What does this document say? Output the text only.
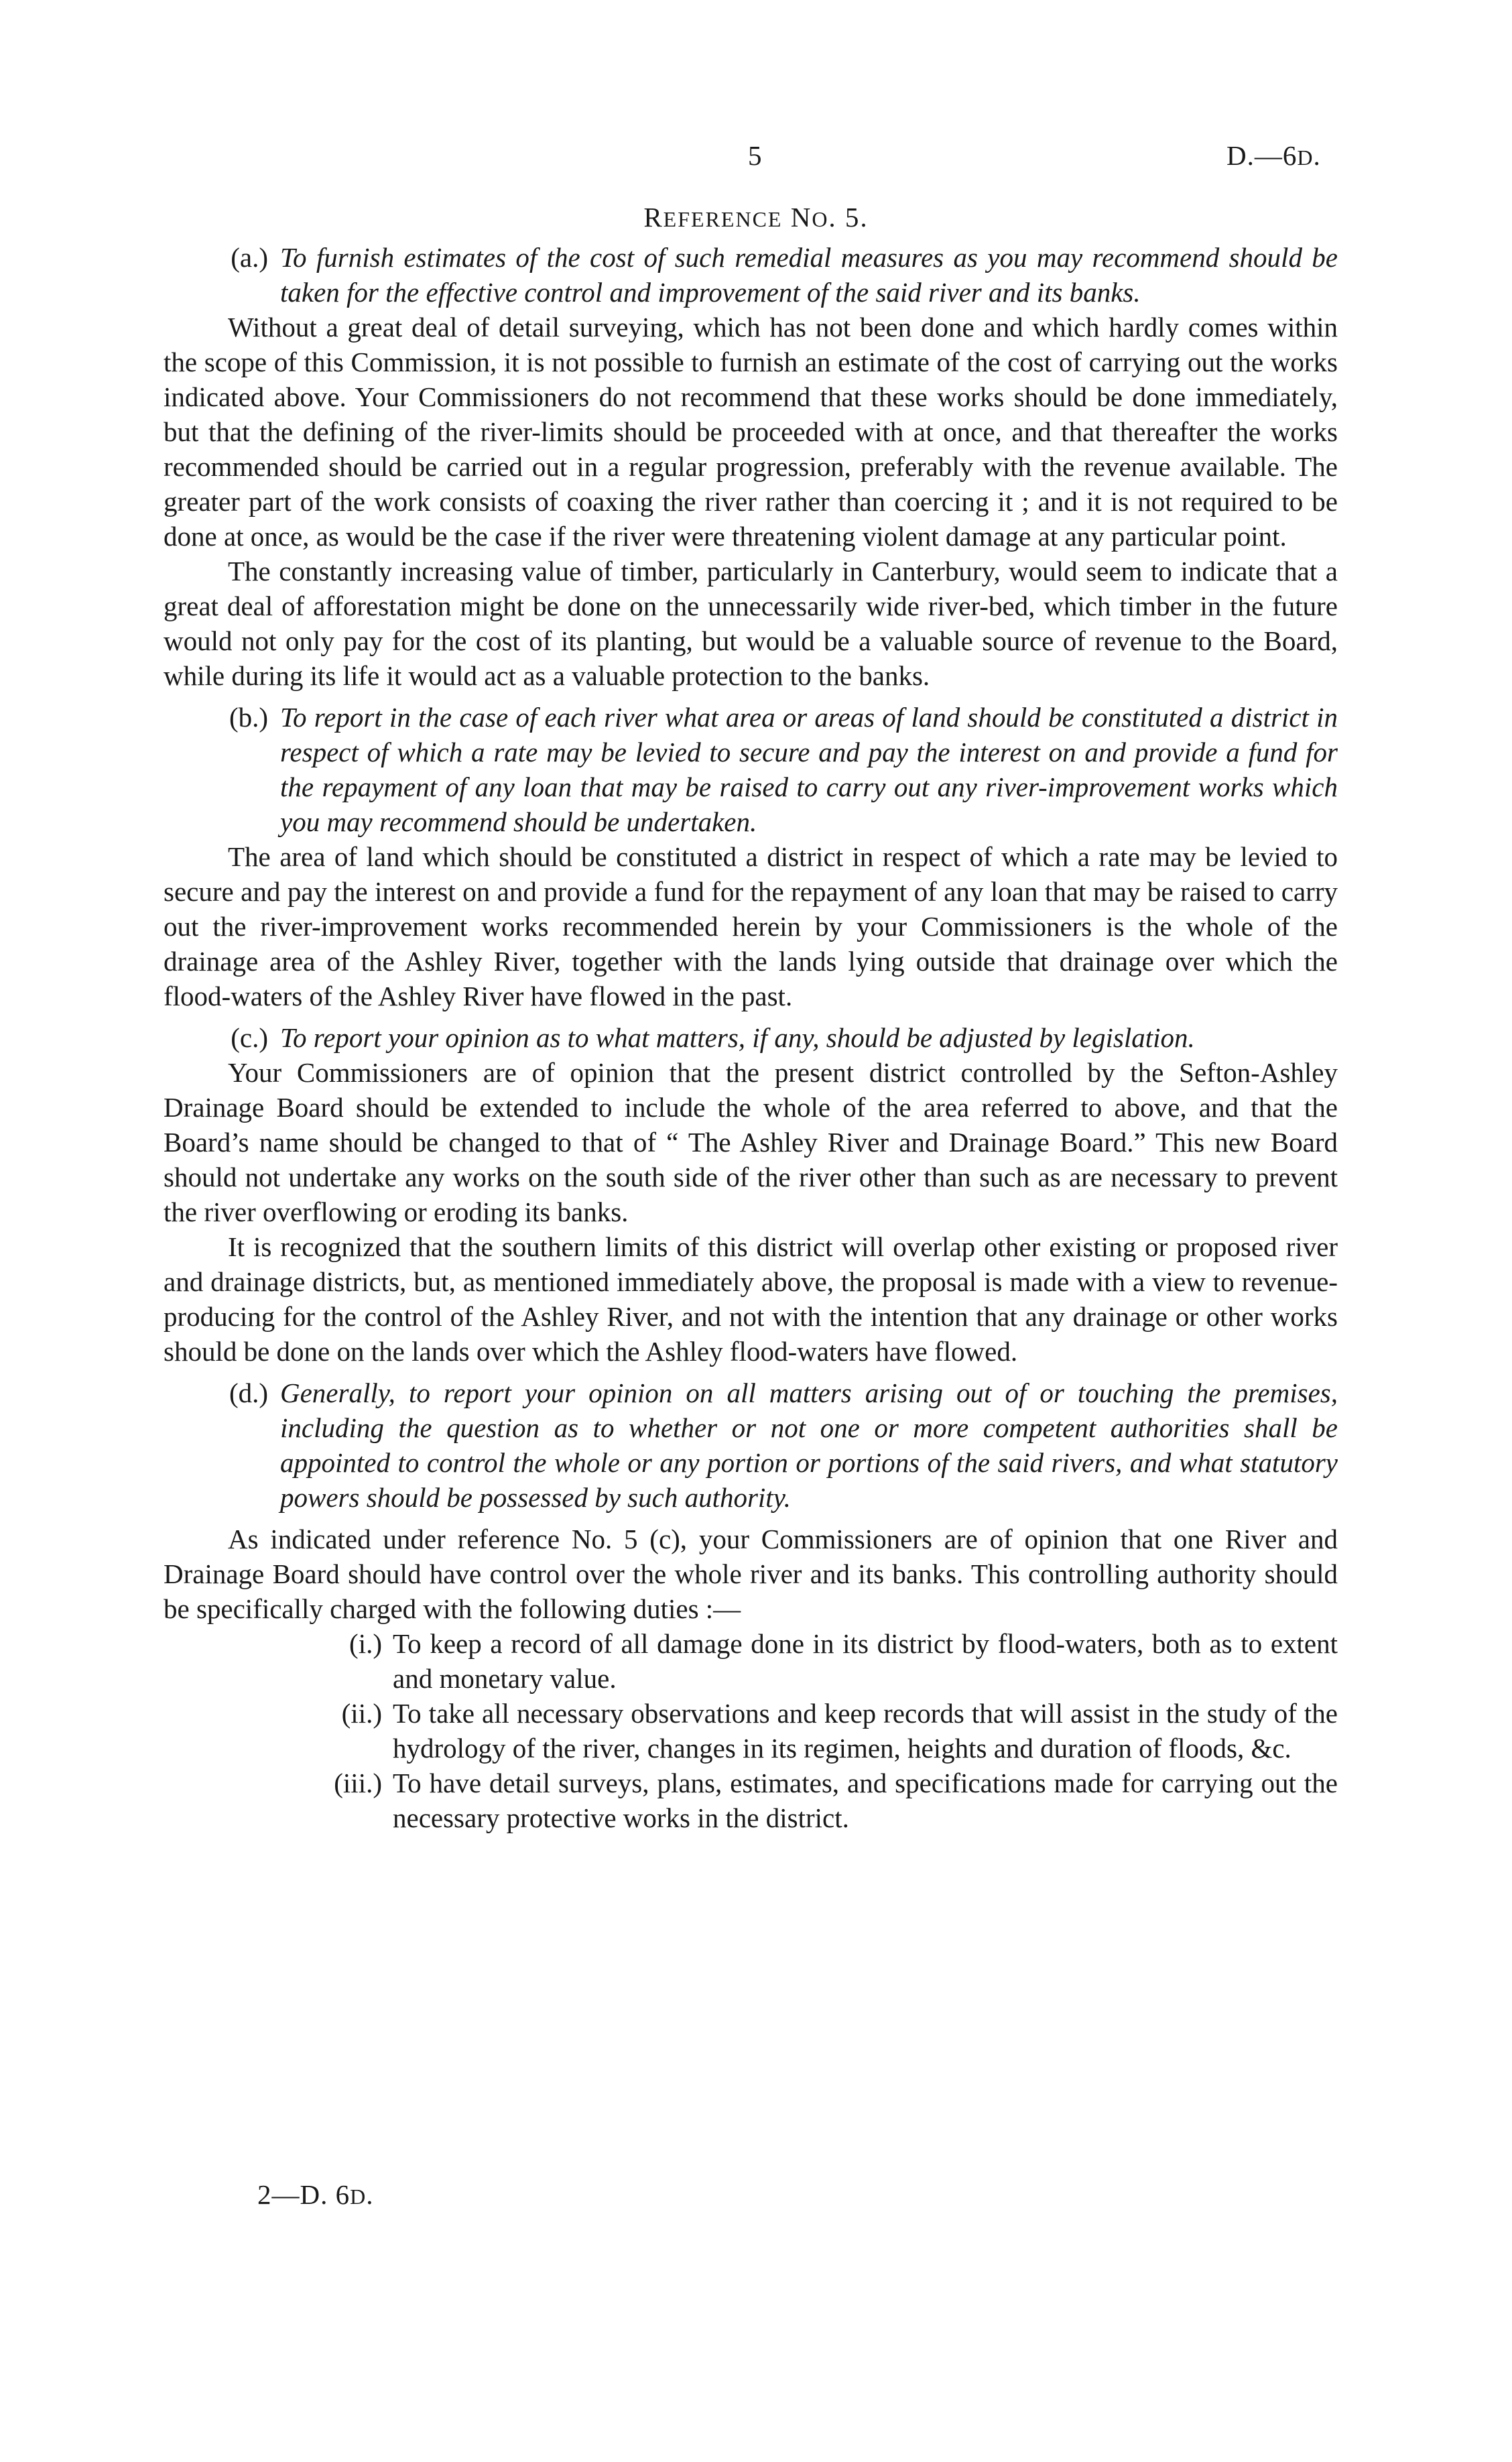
5	D.—6D.
REFERENCE NO. 5.
(a.) To furnish estimates of the cost of such remedial measures as you may recommend should be taken for the effective control and improvement of the said river and its banks.

Without a great deal of detail surveying, which has not been done and which hardly comes within the scope of this Commission, it is not possible to furnish an estimate of the cost of carrying out the works indicated above. Your Commissioners do not recommend that these works should be done immediately, but that the defining of the river-limits should be proceeded with at once, and that thereafter the works recommended should be carried out in a regular progression, preferably with the revenue available. The greater part of the work consists of coaxing the river rather than coercing it ; and it is not required to be done at once, as would be the case if the river were threatening violent damage at any particular point.

The constantly increasing value of timber, particularly in Canterbury, would seem to indicate that a great deal of afforestation might be done on the unnecessarily wide river-bed, which timber in the future would not only pay for the cost of its planting, but would be a valuable source of revenue to the Board, while during its life it would act as a valuable protection to the banks.

(b.) To report in the case of each river what area or areas of land should be constituted a district in respect of which a rate may be levied to secure and pay the interest on and provide a fund for the repayment of any loan that may be raised to carry out any river-improvement works which you may recommend should be undertaken.

The area of land which should be constituted a district in respect of which a rate may be levied to secure and pay the interest on and provide a fund for the repayment of any loan that may be raised to carry out the river-improvement works recommended herein by your Commissioners is the whole of the drainage area of the Ashley River, together with the lands lying outside that drainage over which the flood-waters of the Ashley River have flowed in the past.

(c.) To report your opinion as to what matters, if any, should be adjusted by legislation.

Your Commissioners are of opinion that the present district controlled by the Sefton-Ashley Drainage Board should be extended to include the whole of the area referred to above, and that the Board’s name should be changed to that of “ The Ashley River and Drainage Board.” This new Board should not undertake any works on the south side of the river other than such as are necessary to prevent the river overflowing or eroding its banks.

It is recognized that the southern limits of this district will overlap other existing or proposed river and drainage districts, but, as mentioned immediately above, the proposal is made with a view to revenue-producing for the control of the Ashley River, and not with the intention that any drainage or other works should be done on the lands over which the Ashley flood-waters have flowed.

(d.) Generally, to report your opinion on all matters arising out of or touching the premises, including the question as to whether or not one or more competent authorities shall be appointed to control the whole or any portion or portions of the said rivers, and what statutory powers should be possessed by such authority.

As indicated under reference No. 5 (c), your Commissioners are of opinion that one River and Drainage Board should have control over the whole river and its banks. This controlling authority should be specifically charged with the following duties :—

(i.) To keep a record of all damage done in its district by flood-waters, both as to extent and monetary value.
(ii.) To take all necessary observations and keep records that will assist in the study of the hydrology of the river, changes in its regimen, heights and duration of floods, &c.
(iii.) To have detail surveys, plans, estimates, and specifications made for carrying out the necessary protective works in the district.
2—D. 6D.
